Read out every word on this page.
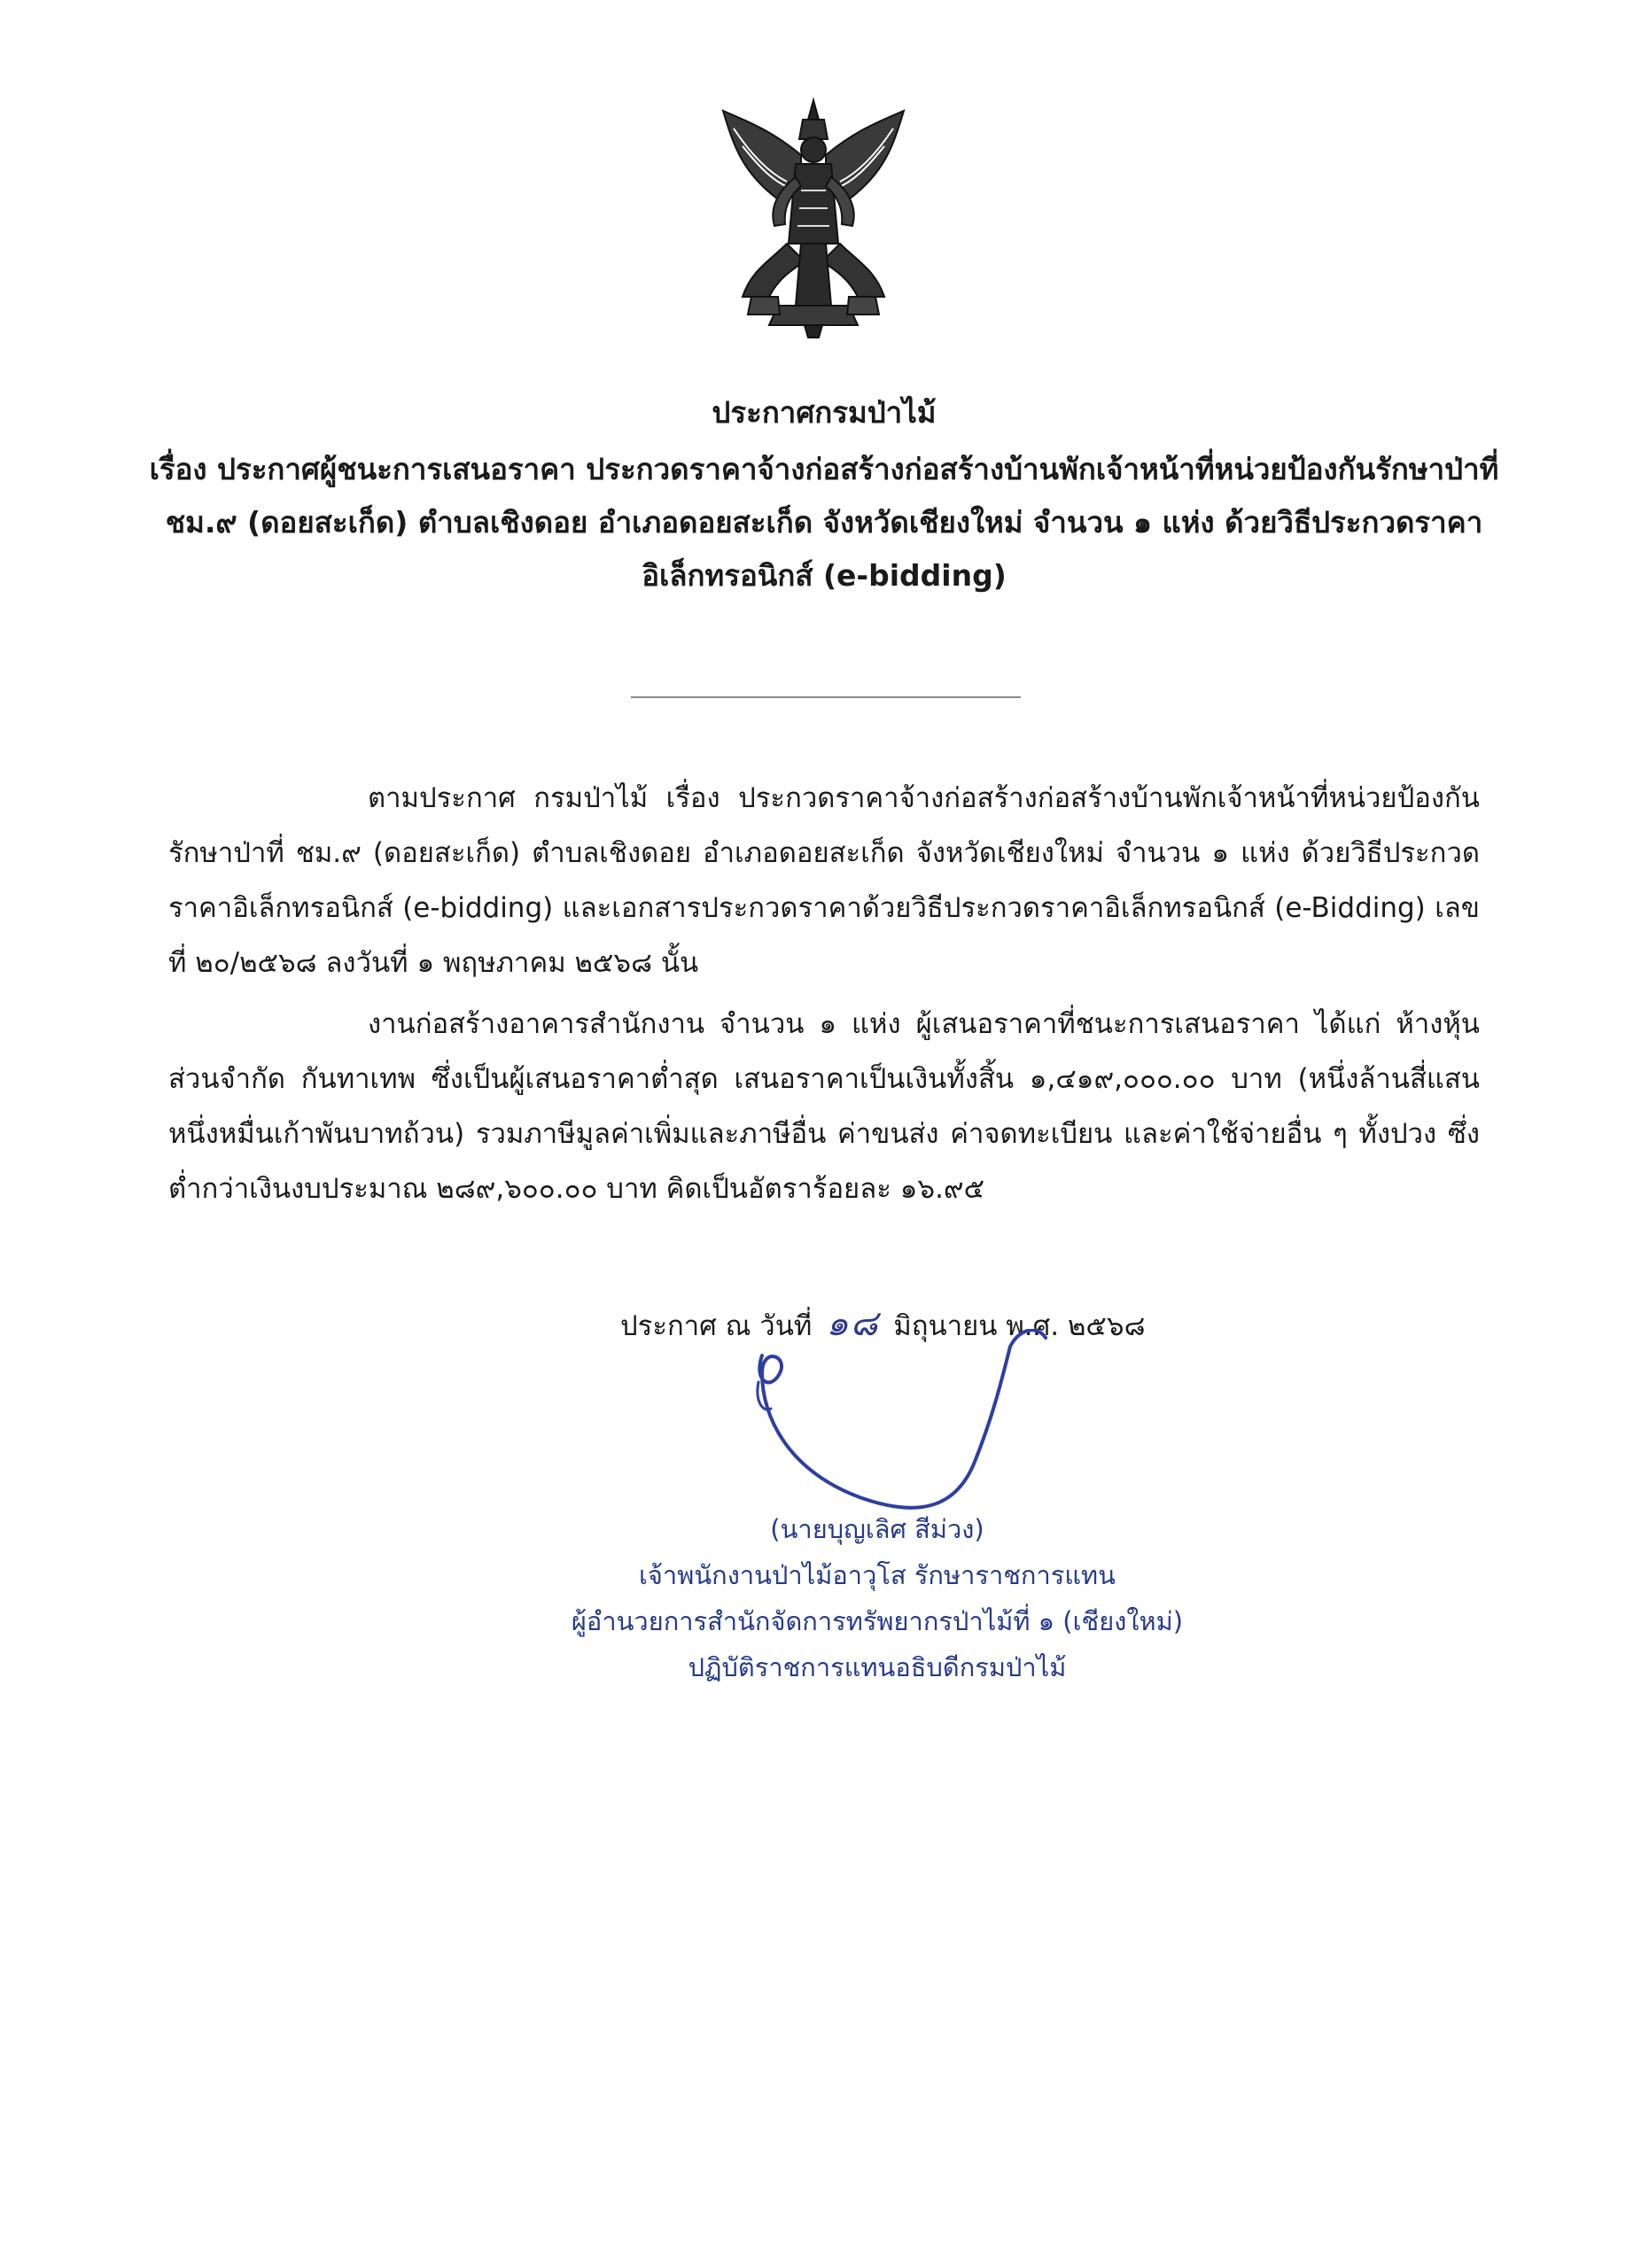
ประกาศกรมป่าไม้
เรื่อง ประกาศผู้ชนะการเสนอราคา ประกวดราคาจ้างก่อสร้างก่อสร้างบ้านพักเจ้าหน้าที่หน่วยป้องกันรักษาป่าที่
ชม.๙ (ดอยสะเก็ด) ตำบลเชิงดอย อำเภอดอยสะเก็ด จังหวัดเชียงใหม่ จำนวน ๑ แห่ง ด้วยวิธีประกวดราคา
อิเล็กทรอนิกส์ (e-bidding)
ตามประกาศ กรมป่าไม้ เรื่อง ประกวดราคาจ้างก่อสร้างก่อสร้างบ้านพักเจ้าหน้าที่หน่วยป้องกันรักษาป่าที่ ชม.๙ (ดอยสะเก็ด) ตำบลเชิงดอย อำเภอดอยสะเก็ด จังหวัดเชียงใหม่ จำนวน ๑ แห่ง ด้วยวิธีประกวดราคาอิเล็กทรอนิกส์ (e-bidding) และเอกสารประกวดราคาด้วยวิธีประกวดราคาอิเล็กทรอนิกส์ (e-Bidding) เลขที่ ๒๐/๒๕๖๘ ลงวันที่ ๑ พฤษภาคม ๒๕๖๘ นั้น
งานก่อสร้างอาคารสำนักงาน จำนวน ๑ แห่ง ผู้เสนอราคาที่ชนะการเสนอราคา ได้แก่ ห้างหุ้นส่วนจำกัด กันทาเทพ ซึ่งเป็นผู้เสนอราคาต่ำสุด เสนอราคาเป็นเงินทั้งสิ้น ๑,๔๑๙,๐๐๐.๐๐ บาท (หนึ่งล้านสี่แสนหนึ่งหมื่นเก้าพันบาทถ้วน) รวมภาษีมูลค่าเพิ่มและภาษีอื่น ค่าขนส่ง ค่าจดทะเบียน และค่าใช้จ่ายอื่น ๆ ทั้งปวง ซึ่งต่ำกว่าเงินงบประมาณ ๒๘๙,๖๐๐.๐๐ บาท คิดเป็นอัตราร้อยละ ๑๖.๙๕
ประกาศ ณ วันที่ ๑๘ มิถุนายน พ.ศ. ๒๕๖๘
(นายบุญเลิศ สีม่วง)
เจ้าพนักงานป่าไม้อาวุโส รักษาราชการแทน
ผู้อำนวยการสำนักจัดการทรัพยากรป่าไม้ที่ ๑ (เชียงใหม่)
ปฏิบัติราชการแทนอธิบดีกรมป่าไม้
